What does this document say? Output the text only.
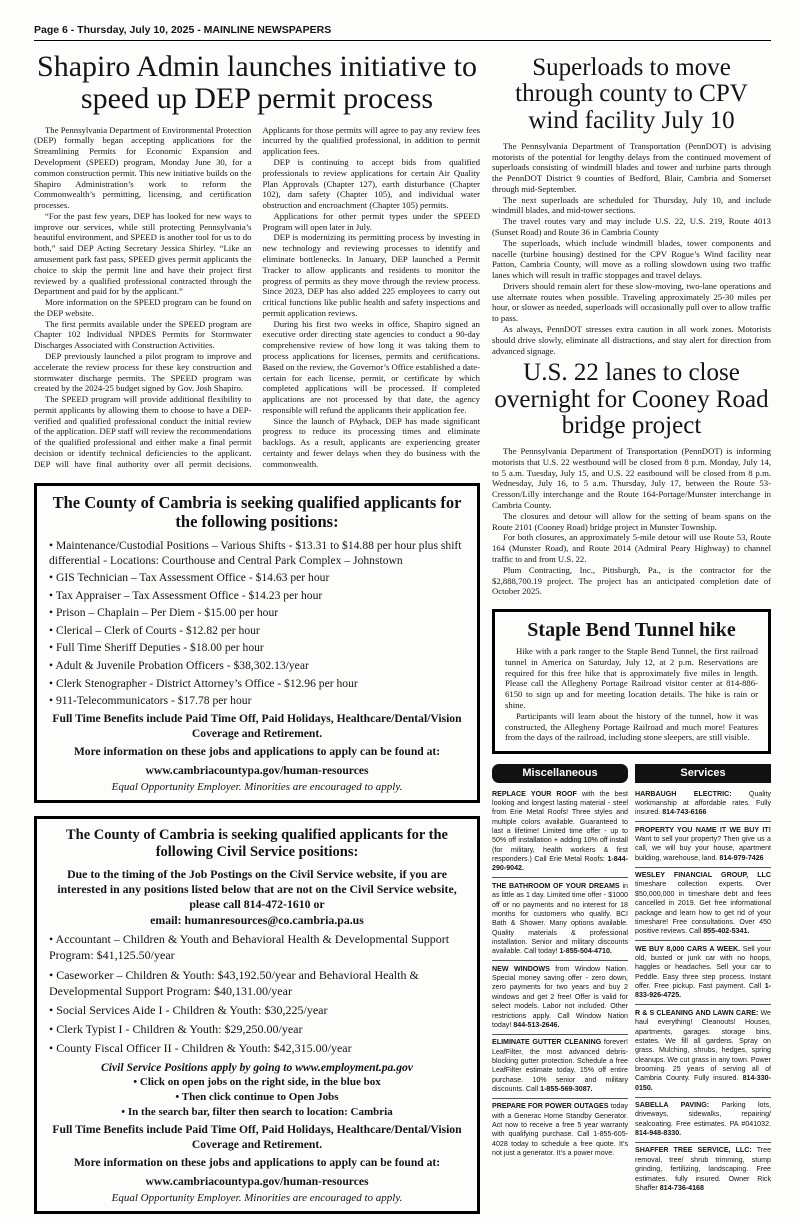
Page 6 - Thursday, July 10, 2025 - MAINLINE NEWSPAPERS
Shapiro Admin launches initiative to speed up DEP permit process

The Pennsylvania Department of Environmental Protection (DEP) formally began accepting applications for the Streamlining Permits for Economic Expansion and Development (SPEED) program, Monday June 30, for a common construction permit. This new initiative builds on the Shapiro Administration’s work to reform the Commonwealth’s permitting, licensing, and certification processes.

“For the past few years, DEP has looked for new ways to improve our services, while still protecting Pennsylvania’s beautiful environment, and SPEED is another tool for us to do both,” said DEP Acting Secretary Jessica Shirley. “Like an amusement park fast pass, SPEED gives permit applicants the choice to skip the permit line and have their project first reviewed by a qualified professional contracted through the Department and paid for by the applicant.”

More information on the SPEED program can be found on the DEP website.

The first permits available under the SPEED program are Chapter 102 Individual NPDES Permits for Stormwater Discharges Associated with Construction Activities.

DEP previously launched a pilot program to improve and accelerate the review process for these key construction and stormwater discharge permits. The SPEED program was created by the 2024-25 budget signed by Gov. Josh Shapiro.

The SPEED program will provide additional flexibility to permit applicants by allowing them to choose to have a DEP-verified and qualified professional conduct the initial review of the application. DEP staff will review the recommendations of the qualified professional and either make a final permit decision or identify technical deficiencies to the applicant. DEP will have final authority over all permit decisions. Applicants for those permits will agree to pay any review fees incurred by the qualified professional, in addition to permit application fees.

DEP is continuing to accept bids from qualified professionals to review applications for certain Air Quality Plan Approvals (Chapter 127), earth disturbance (Chapter 102), dam safety (Chapter 105), and individual water obstruction and encroachment (Chapter 105) permits.

Applications for other permit types under the SPEED Program will open later in July.

DEP is modernizing its permitting process by investing in new technology and reviewing processes to identify and eliminate bottlenecks. In January, DEP launched a Permit Tracker to allow applicants and residents to monitor the progress of permits as they move through the review process. Since 2023, DEP has also added 225 employees to carry out critical functions like public health and safety inspections and permit application reviews.

During his first two weeks in office, Shapiro signed an executive order directing state agencies to conduct a 90-day comprehensive review of how long it was taking them to process applications for licenses, permits and certifications. Based on the review, the Governor’s Office established a date-certain for each license, permit, or certificate by which completed applications will be processed. If completed applications are not processed by that date, the agency responsible will refund the applicants their application fee.

Since the launch of PAyback, DEP has made significant progress to reduce its processing times and eliminate backlogs. As a result, applicants are experiencing greater certainty and fewer delays when they do business with the commonwealth.

The County of Cambria is seeking qualified applicants for the following positions:
• Maintenance/Custodial Positions – Various Shifts - $13.31 to $14.88 per hour plus shift differential - Locations: Courthouse and Central Park Complex – Johnstown
• GIS Technician – Tax Assessment Office - $14.63 per hour
• Tax Appraiser – Tax Assessment Office - $14.23 per hour
• Prison – Chaplain – Per Diem - $15.00 per hour
• Clerical – Clerk of Courts - $12.82 per hour
• Full Time Sheriff Deputies - $18.00 per hour
• Adult & Juvenile Probation Officers - $38,302.13/year
• Clerk Stenographer - District Attorney’s Office - $12.96 per hour
• 911-Telecommunicators - $17.78 per hour

Full Time Benefits include Paid Time Off, Paid Holidays, Healthcare/Dental/Vision Coverage and Retirement.

More information on these jobs and applications to apply can be found at:

www.cambriacountypa.gov/human-resources

Equal Opportunity Employer. Minorities are encouraged to apply.

The County of Cambria is seeking qualified applicants for the following Civil Service positions:

Due to the timing of the Job Postings on the Civil Service website, if you are interested in any positions listed below that are not on the Civil Service website, please call 814-472-1610 or

email: humanresources@co.cambria.pa.us

• Accountant – Children & Youth and Behavioral Health & Developmental Support Program: $41,125.50/year
• Caseworker – Children & Youth: $43,192.50/year and Behavioral Health & Developmental Support Program: $40,131.00/year
• Social Services Aide I - Children & Youth: $30,225/year
• Clerk Typist I - Children & Youth: $29,250.00/year
• County Fiscal Officer II - Children & Youth: $42,315.00/year

Civil Service Positions apply by going to www.employment.pa.gov

• Click on open jobs on the right side, in the blue box

• Then click continue to Open Jobs

• In the search bar, filter then search to location: Cambria

Full Time Benefits include Paid Time Off, Paid Holidays, Healthcare/Dental/Vision Coverage and Retirement.

More information on these jobs and applications to apply can be found at:

www.cambriacountypa.gov/human-resources

Equal Opportunity Employer. Minorities are encouraged to apply.

Superloads to move through county to CPV wind facility July 10

The Pennsylvania Department of Transportation (PennDOT) is advising motorists of the potential for lengthy delays from the continued movement of superloads consisting of windmill blades and tower and turbine parts through the PennDOT District 9 counties of Bedford, Blair, Cambria and Somerset through mid-September.

The next superloads are scheduled for Thursday, July 10, and include windmill blades, and mid-tower sections.

The travel routes vary and may include U.S. 22, U.S. 219, Route 4013 (Sunset Road) and Route 36 in Cambria County

The superloads, which include windmill blades, tower components and nacelle (turbine housing) destined for the CPV Rogue’s Wind facility near Patton, Cambria County, will move as a rolling slowdown using two traffic lanes which will result in traffic stoppages and travel delays.

Drivers should remain alert for these slow-moving, two-lane operations and use alternate routes when possible. Traveling approximately 25-30 miles per hour, or slower as needed, superloads will occasionally pull over to allow traffic to pass.

As always, PennDOT stresses extra caution in all work zones. Motorists should drive slowly, eliminate all distractions, and stay alert for direction from advanced signage.

U.S. 22 lanes to close overnight for Cooney Road bridge project

The Pennsylvania Department of Transportation (PennDOT) is informing motorists that U.S. 22 westbound will be closed from 8 p.m. Monday, July 14, to 5 a.m. Tuesday, July 15, and U.S. 22 eastbound will be closed from 8 p.m. Wednesday, July 16, to 5 a.m. Thursday, July 17, between the Route 53-Cresson/Lilly interchange and the Route 164-Portage/Munster interchange in Cambria County.

The closures and detour will allow for the setting of beam spans on the Route 2101 (Cooney Road) bridge project in Munster Township.

For both closures, an approximately 5-mile detour will use Route 53, Route 164 (Munster Road), and Route 2014 (Admiral Peary Highway) to channel traffic to and from U.S. 22.

Plum Contracting, Inc., Pittsburgh, Pa., is the contractor for the $2,888,700.19 project. The project has an anticipated completion date of October 2025.

Staple Bend Tunnel hike

Hike with a park ranger to the Staple Bend Tunnel, the first railroad tunnel in America on Saturday, July 12, at 2 p.m. Reservations are required for this free hike that is approximately five miles in length. Please call the Allegheny Portage Railroad visitor center at 814-886-6150 to sign up and for meeting location details. The hike is rain or shine.

Participants will learn about the history of the tunnel, how it was constructed, the Allegheny Portage Railroad and much more! Features from the days of the railroad, including stone sleepers, are still visible.

Miscellaneous

REPLACE YOUR ROOF with the best looking and longest lasting material - steel from Erie Metal Roofs! Three styles and multiple colors available. Guaranteed to last a lifetime! Limited time offer - up to 50% off installation + adding 10% off install (for military, health workers & first responders.) Call Erie Metal Roofs: 1-844-290-9042.

THE BATHROOM OF YOUR DREAMS in as little as 1 day. Limited time offer - $1000 off or no payments and no interest for 18 months for customers who qualify. BCI Bath & Shower. Many options available. Quality materials & professional installation. Senior and military discounts available. Call today! 1-855-504-4710.

NEW WINDOWS from Window Nation. Special money saving offer - zero down, zero payments for two years and buy 2 windows and get 2 free! Offer is valid for select models. Labor not included. Other restrictions apply. Call Window Nation today! 844-513-2646.

ELIMINATE GUTTER CLEANING forever! LeafFilter, the most advanced debris-blocking gutter protection. Schedule a free LeafFilter estimate today. 15% off entire purchase. 10% senior and military discounts. Call 1-855-569-3087.

PREPARE FOR POWER OUTAGES today with a Generac Home Standby Generator. Act now to receive a free 5 year warranty with qualifying purchase. Call 1-855-605-4028 today to schedule a free quote. It’s not just a generator. It’s a power move.

Services

HARBAUGH ELECTRIC: Quality workmanship at affordable rates. Fully insured. 814-743-6166

PROPERTY YOU NAME IT WE BUY IT! Want to sell your property? Then give us a call, we will buy your house, apartment building, warehouse, land. 814-979-7426

WESLEY FINANCIAL GROUP, LLC timeshare collection experts. Over $50,000,000 in timeshare debt and fees cancelled in 2019. Get free informational package and learn how to get rid of your timeshare! Free consultations. Over 450 positive reviews. Call 855-402-5341.

WE BUY 8,000 CARS A WEEK. Sell your old, busted or junk car with no hoops, haggles or headaches. Sell your car to Peddle. Easy three step process. Instant offer. Free pickup. Fast payment. Call 1-833-926-4725.

R & S CLEANING AND LAWN CARE: We haul everything! Cleanouts! Houses, apartments, garages. storage bins, estates. We fill all gardens. Spray on grass. Mulching, shrubs, hedges, spring cleanups. We cut grass in any town. Power brooming. 25 years of serving all of Cambria County. Fully insured. 814-330-0150.

SABELLA PAVING: Parking lots, driveways, sidewalks, repairing/ sealcoating. Free estimates. PA #041032. 814-948-8330.

SHAFFER TREE SERVICE, LLC: Tree removal, tree/ shrub trimming, stump grinding, fertilizing, landscaping. Free estimates. fully insured. Owner Rick Shaffer 814-736-4168
